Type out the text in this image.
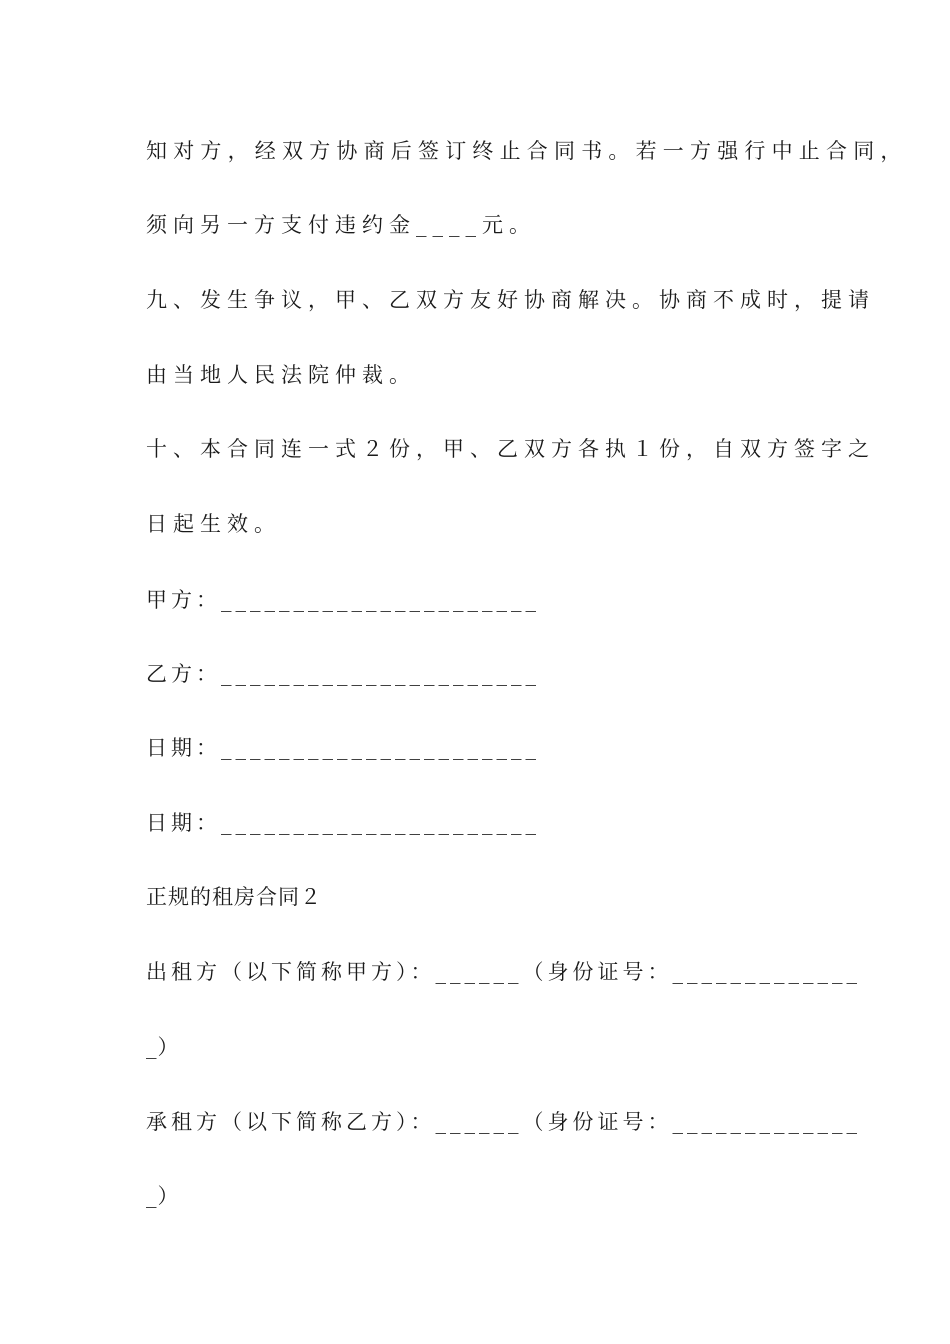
知对方，经双方协商后签订终止合同书。若一方强行中止合同，
须向另一方支付违约金____元。
九、发生争议，甲、乙双方友好协商解决。协商不成时，提请
由当地人民法院仲裁。
十、本合同连一式２份，甲、乙双方各执１份，自双方签字之
日起生效。
甲方：______________________
乙方：______________________
日期：______________________
日期：______________________
正规的租房合同２
出租方（以下简称甲方）：______（身份证号：_____________
_）
承租方（以下简称乙方）：______（身份证号：_____________
_）
